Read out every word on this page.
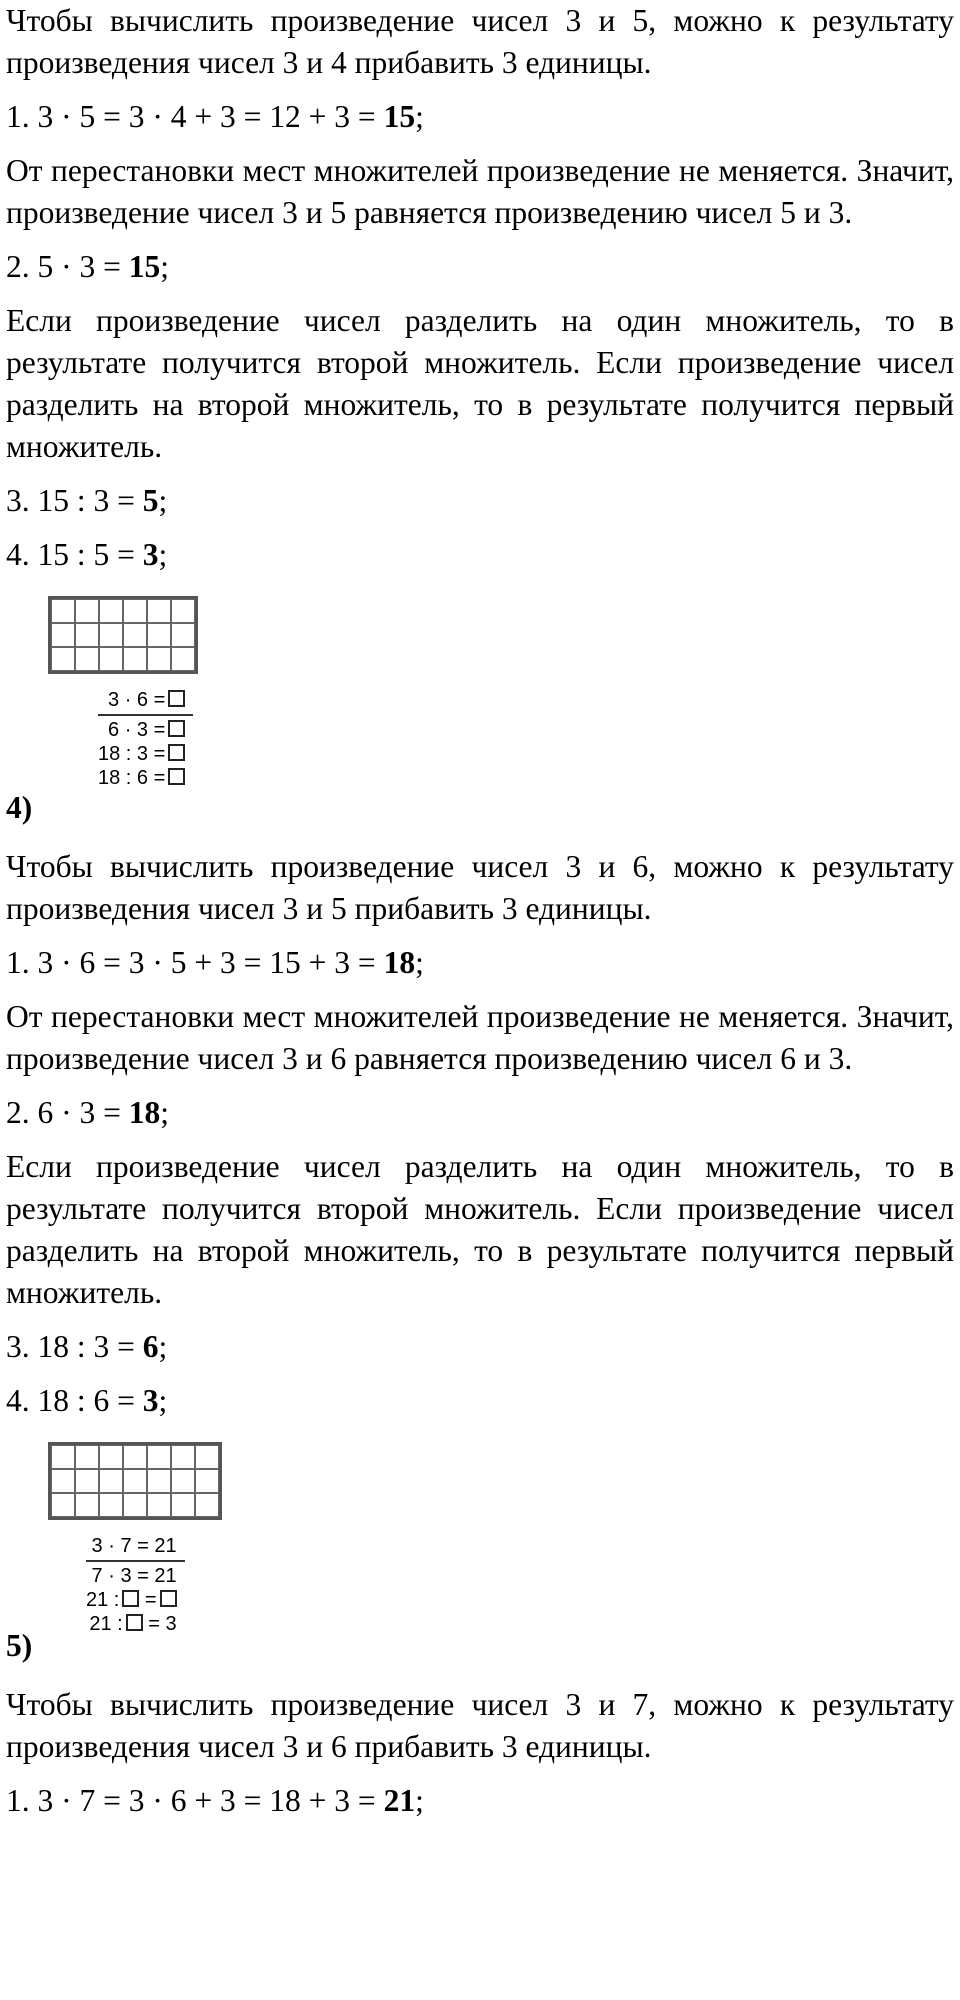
Чтобы вычислить произведение чисел 3 и 5, можно к результату произведения чисел 3 и 4 прибавить 3 единицы.

1. 3 · 5 = 3 · 4 + 3 = 12 + 3 = 15;

От перестановки мест множителей произведение не меняется. Значит, произведение чисел 3 и 5 равняется произведению чисел 5 и 3.

2. 5 · 3 = 15;

Если произведение чисел разделить на один множитель, то в результате получится второй множитель. Если произведение чисел разделить на второй множитель, то в результате получится первый множитель.

3. 15 : 3 = 5;

4. 15 : 5 = 3;

3 · 6 =
6 · 3 =
18 : 3 =
18 : 6 =
4)

Чтобы вычислить произведение чисел 3 и 6, можно к результату произведения чисел 3 и 5 прибавить 3 единицы.

1. 3 · 6 = 3 · 5 + 3 = 15 + 3 = 18;

От перестановки мест множителей произведение не меняется. Значит, произведение чисел 3 и 6 равняется произведению чисел 6 и 3.

2. 6 · 3 = 18;

Если произведение чисел разделить на один множитель, то в результате получится второй множитель. Если произведение чисел разделить на второй множитель, то в результате получится первый множитель.

3. 18 : 3 = 6;

4. 18 : 6 = 3;

3 · 7 = 21
7 · 3 = 21
21 : =
21 : = 3
5)

Чтобы вычислить произведение чисел 3 и 7, можно к результату произведения чисел 3 и 6 прибавить 3 единицы.

1. 3 · 7 = 3 · 6 + 3 = 18 + 3 = 21;
